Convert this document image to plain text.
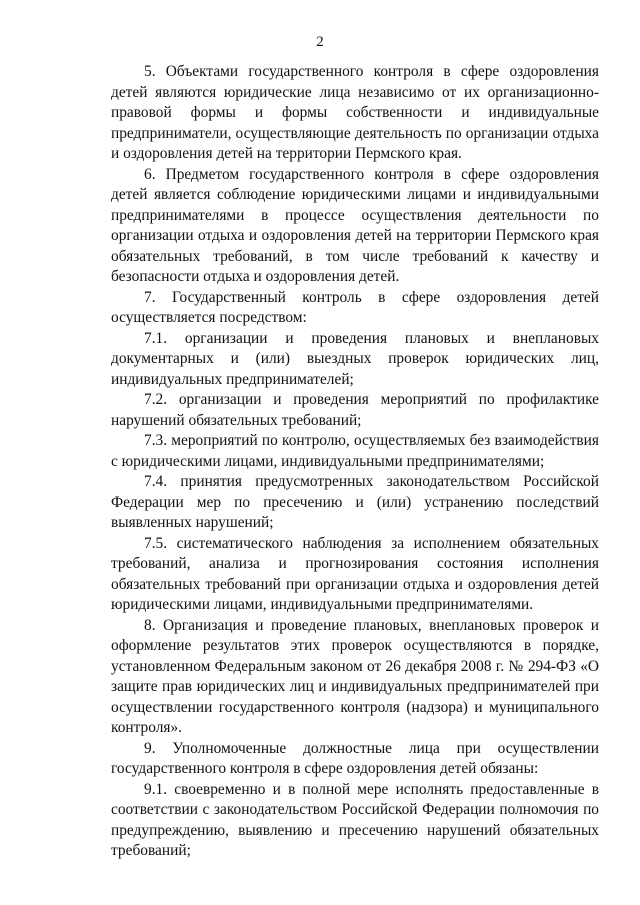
2

5. Объектами государственного контроля в сфере оздоровления детей являются юридические лица независимо от их организационно-правовой формы и формы собственности и индивидуальные предприниматели, осуществляющие деятельность по организации отдыха и оздоровления детей на территории Пермского края.

6. Предметом государственного контроля в сфере оздоровления детей является соблюдение юридическими лицами и индивидуальными предпринимателями в процессе осуществления деятельности по организации отдыха и оздоровления детей на территории Пермского края обязательных требований, в том числе требований к качеству и безопасности отдыха и оздоровления детей.

7. Государственный контроль в сфере оздоровления детей осуществляется посредством:

7.1. организации и проведения плановых и внеплановых документарных и (или) выездных проверок юридических лиц, индивидуальных предпринимателей;

7.2. организации и проведения мероприятий по профилактике нарушений обязательных требований;

7.3. мероприятий по контролю, осуществляемых без взаимодействия с юридическими лицами, индивидуальными предпринимателями;

7.4. принятия предусмотренных законодательством Российской Федерации мер по пресечению и (или) устранению последствий выявленных нарушений;

7.5. систематического наблюдения за исполнением обязательных требований, анализа и прогнозирования состояния исполнения обязательных требований при организации отдыха и оздоровления детей юридическими лицами, индивидуальными предпринимателями.

8. Организация и проведение плановых, внеплановых проверок и оформление результатов этих проверок осуществляются в порядке, установленном Федеральным законом от 26 декабря 2008 г. № 294-ФЗ «О защите прав юридических лиц и индивидуальных предпринимателей при осуществлении государственного контроля (надзора) и муниципального контроля».

9. Уполномоченные должностные лица при осуществлении государственного контроля в сфере оздоровления детей обязаны:

9.1. своевременно и в полной мере исполнять предоставленные в соответствии с законодательством Российской Федерации полномочия по предупреждению, выявлению и пресечению нарушений обязательных требований;
